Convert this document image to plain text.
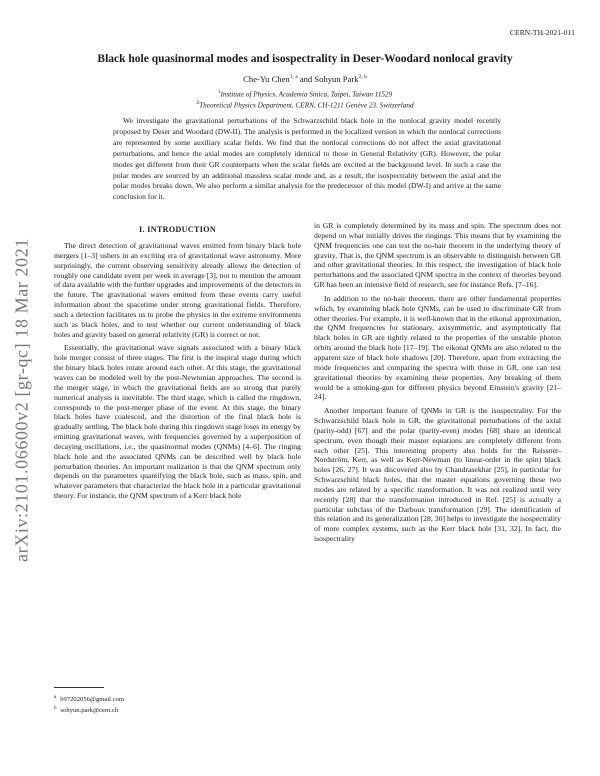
CERN-TH-2021-011
arXiv:2101.06600v2 [gr-qc] 18 Mar 2021
Black hole quasinormal modes and isospectrality in Deser-Woodard nonlocal gravity
Che-Yu Chen$^{1, a}$ and Sohyun Park$^{2, b}$
$^1$Institute of Physics, Academia Sinica, Taipei, Taiwan 11529
$^2$Theoretical Physics Department, CERN, CH-1211 Genève 23, Switzerland

We investigate the gravitational perturbations of the Schwarzschild black hole in the nonlocal gravity model recently proposed by Deser and Woodard (DW-II). The analysis is performed in the localized version in which the nonlocal corrections are represented by some auxiliary scalar fields. We find that the nonlocal corrections do not affect the axial gravitational perturbations, and hence the axial modes are completely identical to those in General Relativity (GR). However, the polar modes get different from their GR counterparts when the scalar fields are excited at the background level. In such a case the polar modes are sourced by an additional massless scalar mode and, as a result, the isospectrality between the axial and the polar modes breaks down. We also perform a similar analysis for the predecessor of this model (DW-I) and arrive at the same conclusion for it.

I. INTRODUCTION

The direct detection of gravitational waves emitted from binary black hole mergers [1–3] ushers in an exciting era of gravitational wave astronomy. More surprisingly, the current observing sensitivity already allows the detection of roughly one candidate event per week in average [3], not to mention the amount of data available with the further upgrades and improvements of the detectors in the future. The gravitational waves emitted from these events carry useful information about the spacetime under strong gravitational fields. Therefore, such a detection facilitates us to probe the physics in the extreme environments such as black holes, and to test whether our current understanding of black holes and gravity based on general relativity (GR) is correct or not.

Essentially, the gravitational wave signals associated with a binary black hole merger consist of three stages. The first is the inspiral stage during which the binary black holes rotate around each other. At this stage, the gravitational waves can be modeled well by the post-Newtonian approaches. The second is the merger stage, in which the gravitational fields are so strong that purely numerical analysis is inevitable. The third stage, which is called the ringdown, corresponds to the post-merger phase of the event. At this stage, the binary black holes have coalesced, and the distortion of the final black hole is gradually settling. The black hole during this ringdown stage loses its energy by emitting gravitational waves, with frequencies governed by a superposition of decaying oscillations, i.e., the quasinormal modes (QNMs) [4–6]. The ringing black hole and the associated QNMs can be described well by black hole perturbation theories. An important realization is that the QNM spectrum only depends on the parameters quantifying the black hole, such as mass, spin, and whatever parameters that characterize the black hole in a particular gravitational theory. For instance, the QNM spectrum of a Kerr black hole

in GR is completely determined by its mass and spin. The spectrum does not depend on what initially drives the ringings. This means that by examining the QNM frequencies one can test the no-hair theorem in the underlying theory of gravity. That is, the QNM spectrum is an observable to distinguish between GR and other gravitational theories. In this respect, the investigation of black hole perturbations and the associated QNM spectra in the context of theories beyond GR has been an intensive field of research, see for instance Refs. [7–16].

In addition to the no-hair theorem, there are other fundamental properties which, by examining black hole QNMs, can be used to discriminate GR from other theories. For example, it is well-known that in the eikonal approximation, the QNM frequencies for stationary, axisymmetric, and asymptotically flat black holes in GR are tightly related to the properties of the unstable photon orbits around the black hole [17–19]. The eikonal QNMs are also related to the apparent size of black hole shadows [20]. Therefore, apart from extracting the mode frequencies and comparing the spectra with those in GR, one can test gravitational theories by examining these properties. Any breaking of them would be a smoking-gun for different physics beyond Einstein's gravity [21–24].

Another important feature of QNMs in GR is the isospectrality. For the Schwarzschild black hole in GR, the gravitational perturbations of the axial (parity-odd) [67] and the polar (parity-even) modes [68] share an identical spectrum, even though their master equations are completely different from each other [25]. This interesting property also holds for the Reissner-Nordström, Kerr, as well as Kerr-Newman (to linear-order in the spin) black holes [26, 27]. It was discovered also by Chandrasekhar [25], in particular for Schwarzschild black holes, that the master equations governing these two modes are related by a specific transformation. It was not realized until very recently [28] that the transformation introduced in Ref. [25] is actually a particular subclass of the Darboux transformation [29]. The identification of this relation and its generalization [28, 30] helps to investigate the isospectrality of more complex systems, such as the Kerr black hole [31, 32]. In fact, the isospectrality

$^a$ b97202056@gmail.com
$^b$ sohyun.park@cern.ch
